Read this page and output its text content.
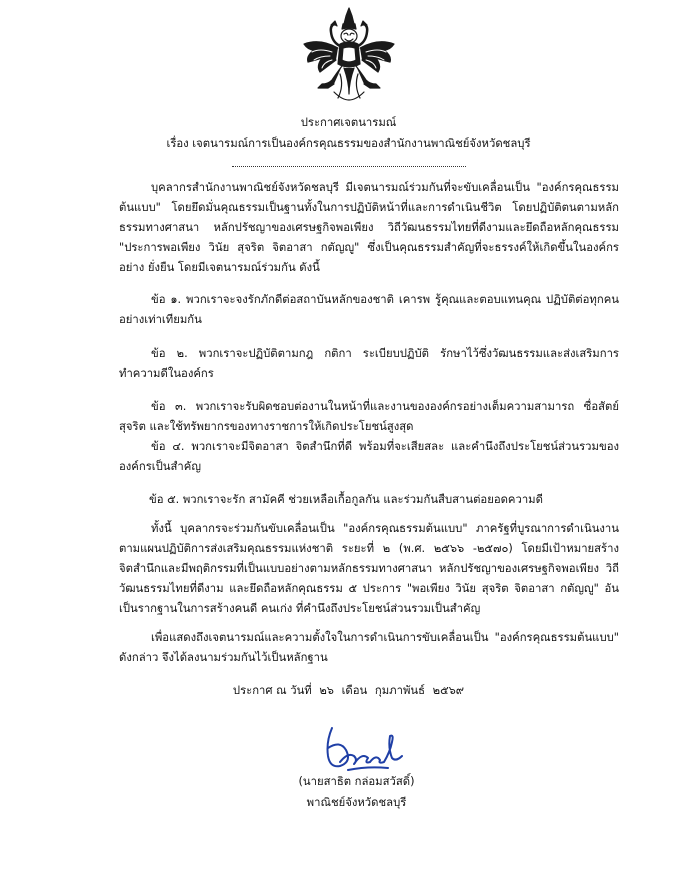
ประกาศเจตนารมณ์
เรื่อง เจตนารมณ์การเป็นองค์กรคุณธรรมของสำนักงานพาณิชย์จังหวัดชลบุรี

บุคลากรสำนักงานพาณิชย์จังหวัดชลบุรี มีเจตนารมณ์ร่วมกันที่จะขับเคลื่อนเป็น "องค์กรคุณธรรมต้นแบบ" โดยยึดมั่นคุณธรรมเป็นฐานทั้งในการปฏิบัติหน้าที่และการดำเนินชีวิต โดยปฏิบัติตนตามหลักธรรมทางศาสนา หลักปรัชญาของเศรษฐกิจพอเพียง วิถีวัฒนธรรมไทยที่ดีงามและยึดถือหลักคุณธรรม "ประการพอเพียง วินัย สุจริต จิตอาสา กตัญญู" ซึ่งเป็นคุณธรรมสำคัญที่จะธรรงค์ให้เกิดขึ้นในองค์กรอย่าง ยั่งยืน โดยมีเจตนารมณ์ร่วมกัน ดังนี้

ข้อ ๑. พวกเราจะจงรักภักดีต่อสถาบันหลักของชาติ เคารพ รู้คุณและตอบแทนคุณ ปฏิบัติต่อทุกคนอย่างเท่าเทียมกัน

ข้อ ๒. พวกเราจะปฏิบัติตามกฎ กติกา ระเบียบปฏิบัติ รักษาไว้ซึ่งวัฒนธรรมและส่งเสริมการทำความดีในองค์กร

ข้อ ๓. พวกเราจะรับผิดชอบต่องานในหน้าที่และงานขององค์กรอย่างเต็มความสามารถ ซื่อสัตย์สุจริต และใช้ทรัพยากรของทางราชการให้เกิดประโยชน์สูงสุด

ข้อ ๔. พวกเราจะมีจิตอาสา จิตสำนึกที่ดี พร้อมที่จะเสียสละ และคำนึงถึงประโยชน์ส่วนรวมขององค์กรเป็นสำคัญ

ข้อ ๕. พวกเราจะรัก สามัคคี ช่วยเหลือเกื้อกูลกัน และร่วมกันสืบสานต่อยอดความดี

ทั้งนี้ บุคลากรจะร่วมกันขับเคลื่อนเป็น "องค์กรคุณธรรมต้นแบบ" ภาครัฐที่บูรณาการดำเนินงานตามแผนปฏิบัติการส่งเสริมคุณธรรมแห่งชาติ ระยะที่ ๒ (พ.ศ. ๒๕๖๖ -๒๕๗๐) โดยมีเป้าหมายสร้างจิตสำนึกและมีพฤติกรรมที่เป็นแบบอย่างตามหลักธรรมทางศาสนา หลักปรัชญาของเศรษฐกิจพอเพียง วิถีวัฒนธรรมไทยที่ดีงาม และยึดถือหลักคุณธรรม ๕ ประการ "พอเพียง วินัย สุจริต จิตอาสา กตัญญู" อันเป็นรากฐานในการสร้างคนดี คนเก่ง ที่คำนึงถึงประโยชน์ส่วนรวมเป็นสำคัญ

เพื่อแสดงถึงเจตนารมณ์และความตั้งใจในการดำเนินการขับเคลื่อนเป็น "องค์กรคุณธรรมต้นแบบ" ดังกล่าว จึงได้ลงนามร่วมกันไว้เป็นหลักฐาน

ประกาศ ณ วันที่ ๒๖ เดือน กุมภาพันธ์ ๒๕๖๙
(นายสาธิต กล่อมสวัสดิ์)
พาณิชย์จังหวัดชลบุรี
